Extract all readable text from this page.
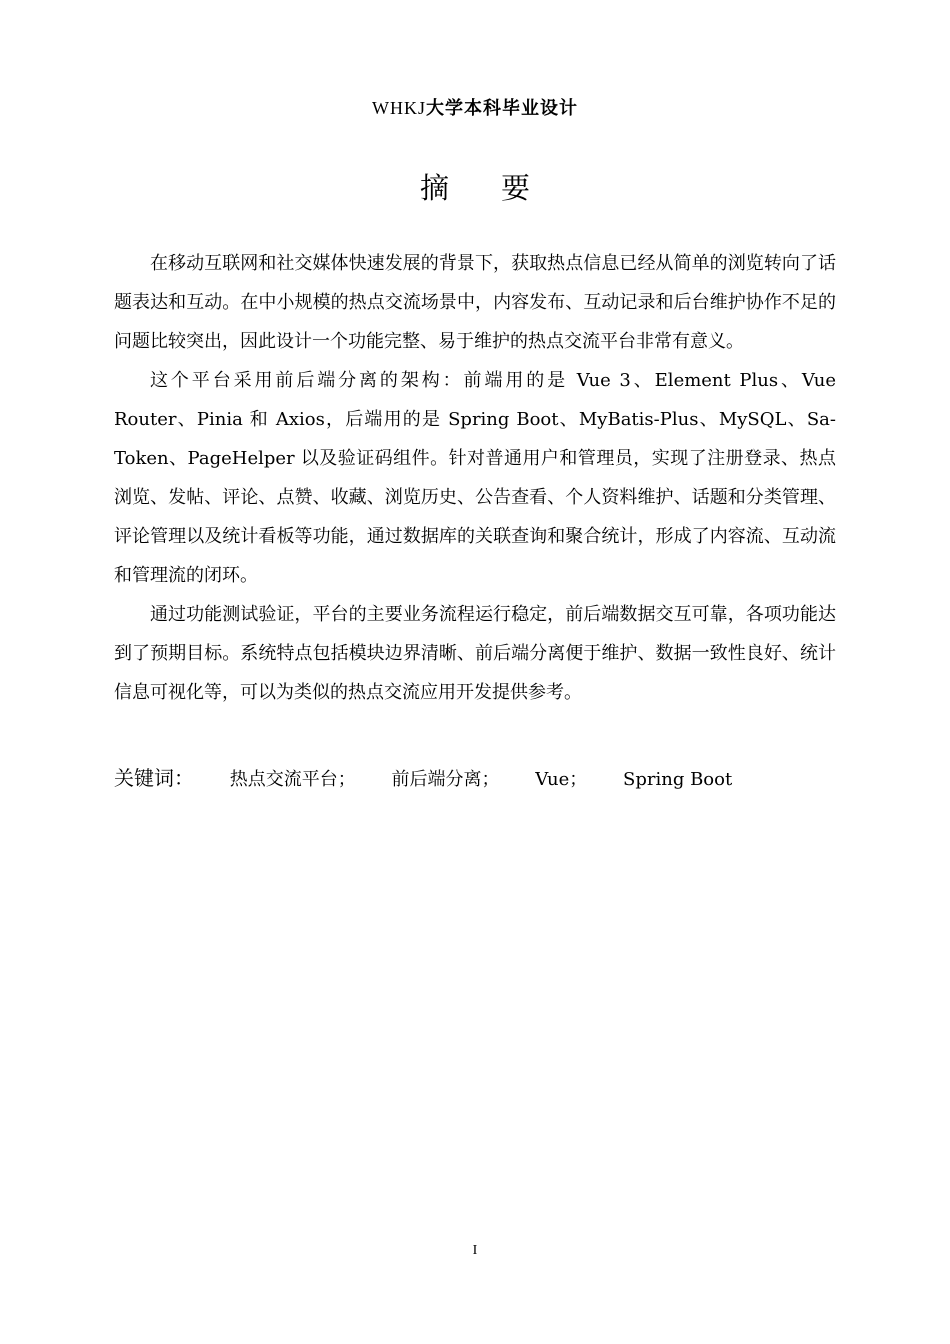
WHKJ大学本科毕业设计
摘要

在移动互联网和社交媒体快速发展的背景下，获取热点信息已经从简单的浏览转向了话题表达和互动。在中小规模的热点交流场景中，内容发布、互动记录和后台维护协作不足的问题比较突出，因此设计一个功能完整、易于维护的热点交流平台非常有意义。

这个平台采用前后端分离的架构：前端用的是 Vue 3、Element Plus、Vue Router、Pinia 和 Axios，后端用的是 Spring Boot、MyBatis-Plus、MySQL、Sa-Token、PageHelper 以及验证码组件。针对普通用户和管理员，实现了注册登录、热点浏览、发帖、评论、点赞、收藏、浏览历史、公告查看、个人资料维护、话题和分类管理、评论管理以及统计看板等功能，通过数据库的关联查询和聚合统计，形成了内容流、互动流和管理流的闭环。

通过功能测试验证，平台的主要业务流程运行稳定，前后端数据交互可靠，各项功能达到了预期目标。系统特点包括模块边界清晰、前后端分离便于维护、数据一致性良好、统计信息可视化等，可以为类似的热点交流应用开发提供参考。

关键词： 热点交流平台； 前后端分离； Vue； Spring Boot
I
